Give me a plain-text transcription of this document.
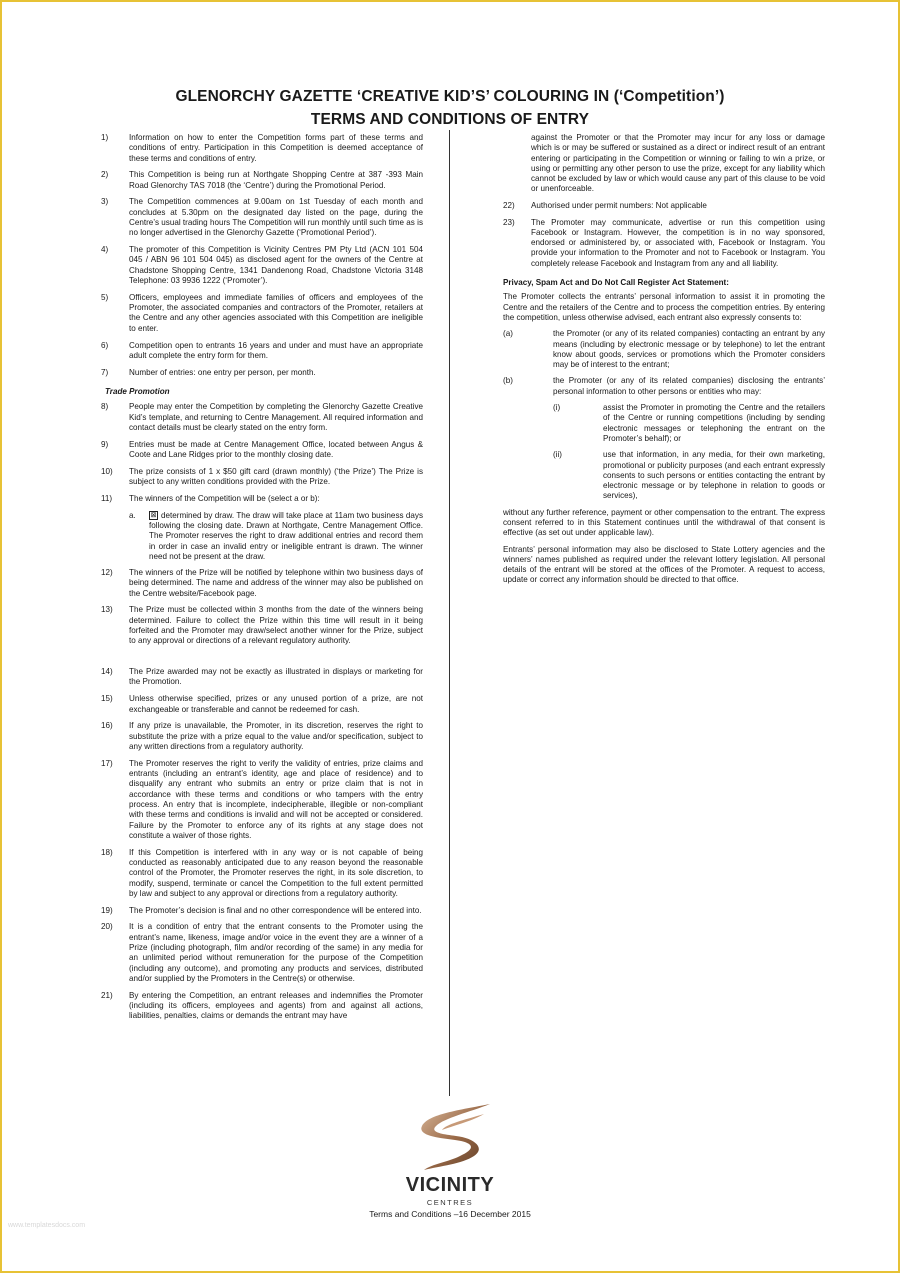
GLENORCHY GAZETTE ‘CREATIVE KID’S’ COLOURING IN (‘Competition’)
TERMS AND CONDITIONS OF ENTRY
1)	Information on how to enter the Competition forms part of these terms and conditions of entry. Participation in this Competition is deemed acceptance of these terms and conditions of entry.
2)	This Competition is being run at Northgate Shopping Centre at 387 -393 Main Road Glenorchy TAS 7018 (the ‘Centre’) during the Promotional Period.
3)	The Competition commences at 9.00am on 1st Tuesday of each month and concludes at 5.30pm on the designated day listed on the page, during the Centre’s usual trading hours The Competition will run monthly until such time as is no longer advertised in the Glenorchy Gazette (‘Promotional Period’).
4)	The promoter of this Competition is Vicinity Centres PM Pty Ltd (ACN 101 504 045 / ABN 96 101 504 045) as disclosed agent for the owners of the Centre at Chadstone Shopping Centre, 1341 Dandenong Road, Chadstone Victoria 3148 Telephone: 03 9936 1222 (‘Promoter’).
5)	Officers, employees and immediate families of officers and employees of the Promoter, the associated companies and contractors of the Promoter, retailers at the Centre and any other agencies associated with this Competition are ineligible to enter.
6)	Competition open to entrants 16 years and under and must have an appropriate adult complete the entry form for them.
7)	Number of entries: one entry per person, per month.
Trade Promotion
8)	People may enter the Competition by completing the Glenorchy Gazette Creative Kid’s template, and returning to Centre Management. All required information and contact details must be clearly stated on the entry form.
9)	Entries must be made at Centre Management Office, located between Angus & Coote and Lane Ridges prior to the monthly closing date.
10)	The prize consists of 1 x $50 gift card (drawn monthly) (‘the Prize’) The Prize is subject to any written conditions provided with the Prize.
11)	The winners of the Competition will be (select a or b):
a.	⊠ determined by draw. The draw will take place at 11am two business days following the closing date. Drawn at Northgate, Centre Management Office. The Promoter reserves the right to draw additional entries and record them in order in case an invalid entry or ineligible entrant is drawn. The winner need not be present at the draw.
12)	The winners of the Prize will be notified by telephone within two business days of being determined. The name and address of the winner may also be published on the Centre website/Facebook page.
13)	The Prize must be collected within 3 months from the date of the winners being determined. Failure to collect the Prize within this time will result in it being forfeited and the Promoter may draw/select another winner for the Prize, subject to any approval or directions of a relevant regulatory authority.
14)	The Prize awarded may not be exactly as illustrated in displays or marketing for the Promotion.
15)	Unless otherwise specified, prizes or any unused portion of a prize, are not exchangeable or transferable and cannot be redeemed for cash.
16)	If any prize is unavailable, the Promoter, in its discretion, reserves the right to substitute the prize with a prize equal to the value and/or specification, subject to any written directions from a regulatory authority.
17)	The Promoter reserves the right to verify the validity of entries, prize claims and entrants (including an entrant’s identity, age and place of residence) and to disqualify any entrant who submits an entry or prize claim that is not in accordance with these terms and conditions or who tampers with the entry process. An entry that is incomplete, indecipherable, illegible or non-compliant with these terms and conditions is invalid and will not be accepted or considered. Failure by the Promoter to enforce any of its rights at any stage does not constitute a waiver of those rights.
18)	If this Competition is interfered with in any way or is not capable of being conducted as reasonably anticipated due to any reason beyond the reasonable control of the Promoter, the Promoter reserves the right, in its sole discretion, to modify, suspend, terminate or cancel the Competition to the full extent permitted by law and subject to any approval or directions from a regulatory authority.
19)	The Promoter’s decision is final and no other correspondence will be entered into.
20)	It is a condition of entry that the entrant consents to the Promoter using the entrant’s name, likeness, image and/or voice in the event they are a winner of a Prize (including photograph, film and/or recording of the same) in any media for an unlimited period without remuneration for the purpose of the Competition (including any outcome), and promoting any products and services, distributed and/or supplied by the Promoters in the Centre(s) or otherwise.
21)	By entering the Competition, an entrant releases and indemnifies the Promoter (including its officers, employees and agents) from and against all actions, liabilities, penalties, claims or demands the entrant may have
against the Promoter or that the Promoter may incur for any loss or damage which is or may be suffered or sustained as a direct or indirect result of an entrant entering or participating in the Competition or winning or failing to win a prize, or using or permitting any other person to use the prize, except for any liability which cannot be excluded by law or which would cause any part of this clause to be void or unenforceable.
22)	Authorised under permit numbers: Not applicable
23)	The Promoter may communicate, advertise or run this competition using Facebook or Instagram. However, the competition is in no way sponsored, endorsed or administered by, or associated with, Facebook or Instagram. You provide your information to the Promoter and not to Facebook or Instagram. You completely release Facebook and Instagram from any and all liability.
Privacy, Spam Act and Do Not Call Register Act Statement:
The Promoter collects the entrants’ personal information to assist it in promoting the Centre and the retailers of the Centre and to process the competition entries. By entering the competition, unless otherwise advised, each entrant also expressly consents to:
(a)	the Promoter (or any of its related companies) contacting an entrant by any means (including by electronic message or by telephone) to let the entrant know about goods, services or promotions which the Promoter considers may be of interest to the entrant;
(b)	the Promoter (or any of its related companies) disclosing the entrants’ personal information to other persons or entities who may:
(i)	assist the Promoter in promoting the Centre and the retailers of the Centre or running competitions (including by sending electronic messages or telephoning the entrant on the Promoter’s behalf); or
(ii)	use that information, in any media, for their own marketing, promotional or publicity purposes (and each entrant expressly consents to such persons or entities contacting the entrant by electronic message or by telephone in relation to goods or services),
without any further reference, payment or other compensation to the entrant. The express consent referred to in this Statement continues until the withdrawal of that consent is effective (as set out under applicable law).
Entrants’ personal information may also be disclosed to State Lottery agencies and the winners’ names published as required under the relevant lottery legislation. All personal details of the entrant will be stored at the offices of the Promoter. A request to access, update or correct any information should be directed to that office.
VICINITY
CENTRES
Terms and Conditions –16 December 2015
www.templatesdocs.com
